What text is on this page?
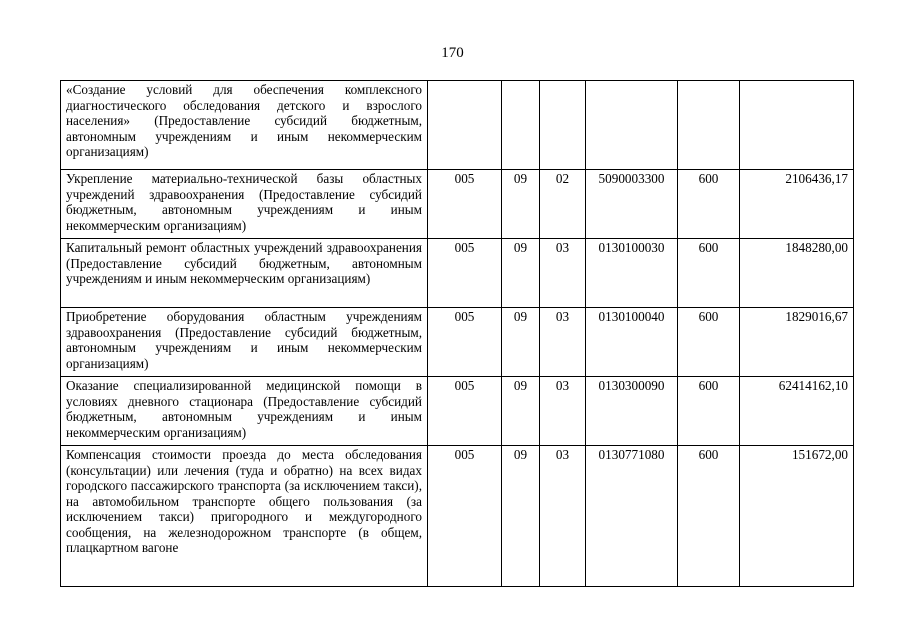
170
«Создание условий для обеспечения комплексного диагностического обследования детского и взрослого населения» (Предоставление субсидий бюджетным, автономным учреждениям и иным некоммерческим организациям)						
Укрепление материально-технической базы областных учреждений здравоохранения (Предоставление субсидий бюджетным, автономным учреждениям и иным некоммерческим организациям)	005	09	02	5090003300	600	2106436,17
Капитальный ремонт областных учреждений здравоохранения (Предоставление субсидий бюджетным, автономным учреждениям и иным некоммерческим организациям)	005	09	03	0130100030	600	1848280,00
Приобретение оборудования областным учреждениям здравоохранения (Предоставление субсидий бюджетным, автономным учреждениям и иным некоммерческим организациям)	005	09	03	0130100040	600	1829016,67
Оказание специализированной медицинской помощи в условиях дневного стационара (Предоставление субсидий бюджетным, автономным учреждениям и иным некоммерческим организациям)	005	09	03	0130300090	600	62414162,10
Компенсация стоимости проезда до места обследования (консультации) или лечения (туда и обратно) на всех видах городского пассажирского транспорта (за исключением такси), на автомобильном транспорте общего пользования (за исключением такси) пригородного и междугородного сообщения, на железнодорожном транспорте (в общем, плацкартном вагоне	005	09	03	0130771080	600	151672,00
